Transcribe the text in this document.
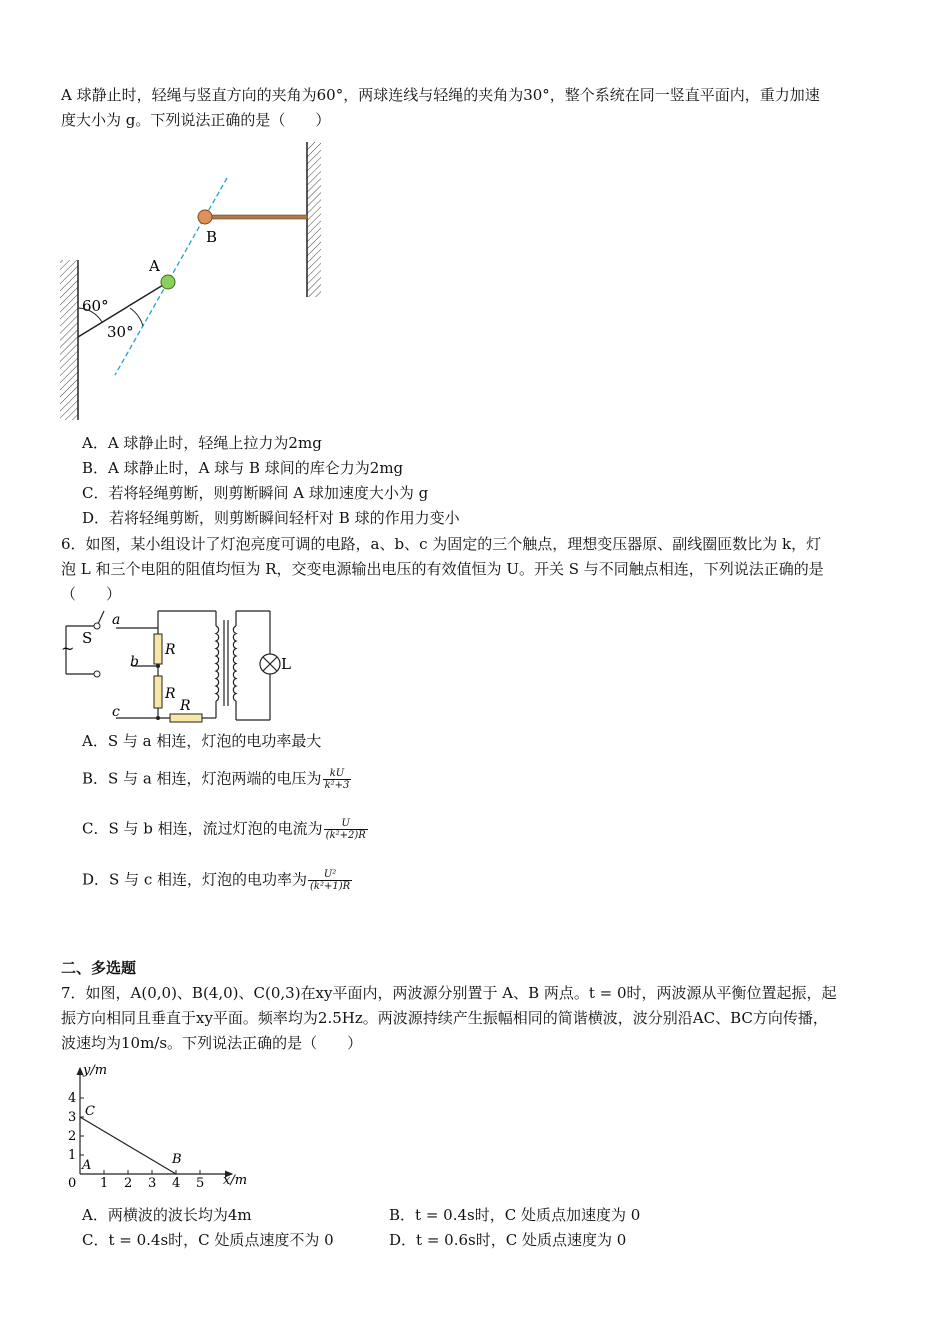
A 球静止时，轻绳与竖直方向的夹角为60°，两球连线与轻绳的夹角为30°，整个系统在同一竖直平面内，重力加速
度大小为 g。下列说法正确的是（　　）
B
A
60°
30°
A．A 球静止时，轻绳上拉力为2mg
B．A 球静止时，A 球与 B 球间的库仑力为2mg
C．若将轻绳剪断，则剪断瞬间 A 球加速度大小为 g
D．若将轻绳剪断，则剪断瞬间轻杆对 B 球的作用力变小
6．如图，某小组设计了灯泡亮度可调的电路，a、b、c 为固定的三个触点，理想变压器原、副线圈匝数比为 k，灯
泡 L 和三个电阻的阻值均恒为 R，交变电源输出电压的有效值恒为 U。开关 S 与不同触点相连，下列说法正确的是
（　　）
~
S
a
b
c
R
R
R
L
A．S 与 a 相连，灯泡的电功率最大
B．S 与 a 相连，灯泡两端的电压为 $\frac{kU}{\text{k²+3}}$
C．S 与 b 相连，流过灯泡的电流为 $\frac{U}{\text{(k²+2)R}}$
D．S 与 c 相连，灯泡的电功率为 $\frac{\text{U²}}{\text{(k²+1)R}}$
二、多选题
7．如图，A(0,0)、B(4,0)、C(0,3)在xy平面内，两波源分别置于 A、B 两点。t = 0时，两波源从平衡位置起振，起
振方向相同且垂直于xy平面。频率均为2.5Hz。两波源持续产生振幅相同的简谐横波，波分别沿AC、BC方向传播，
波速均为10m/s。下列说法正确的是（　　）
y/m
x/m
4
3
2
1
0 1 2 3 4 5
C
A	B
A．两横波的波长均为4m	B．t = 0.4s时，C 处质点加速度为 0
C．t = 0.4s时，C 处质点速度不为 0	D．t = 0.6s时，C 处质点速度为 0
